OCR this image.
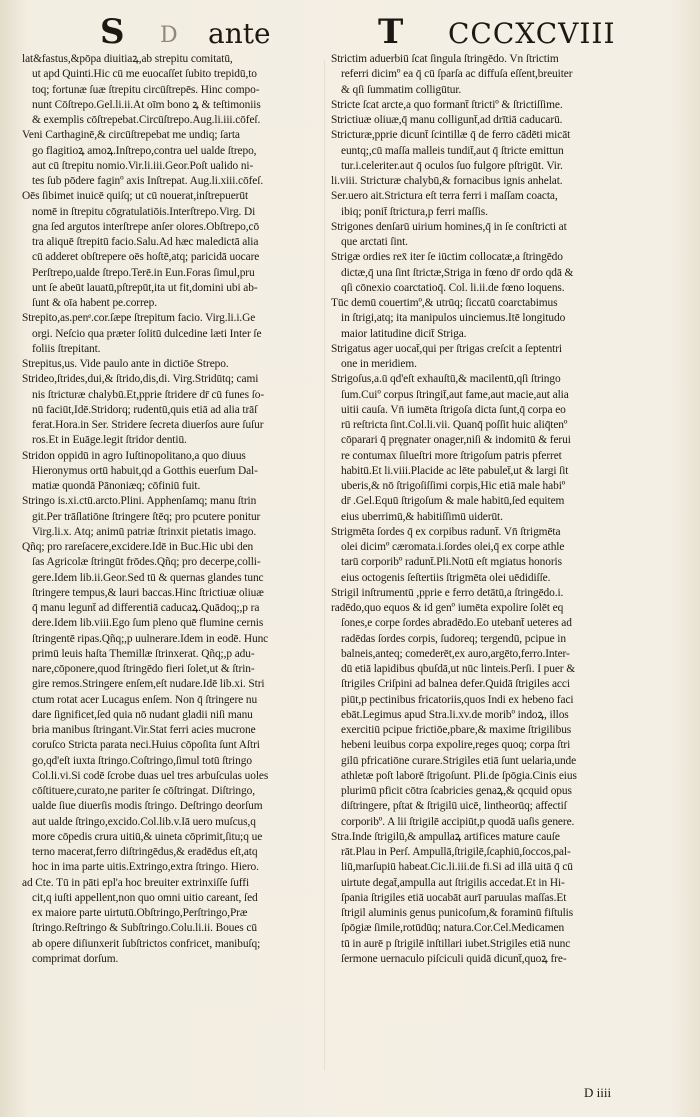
S D ante	T CCCXCVIII
lat&fastus,&pōpa diuitiaꝝ,ab strepitu comitatū,
ut apd Quinti.Hic cū me euocaſſet ſubito trepidū,to
toq; fortunæ ſuæ ſtrepitu circūſtrepēs. Hinc compo-
nunt Cōſtrepo.Gel.li.ii.At oīm bono ꝝ & teſtimoniis
& exemplis cōſtrepebat.Circūſtrepo.Aug.li.iii.cōfeſ.
Veni Carthaginē,& circūſtrepebat me undiq; ſarta
go flagitioꝝ amoꝝ.Inſtrepo,contra uel ualde ſtrepo,
aut cū ſtrepitu nomio.Vir.li.iii.Geor.Poſt ualido ni-
tes ſub pōdere faginº axis Inſtrepat. Aug.li.xiii.cōfeſ.
Oēs ſibimet inuicē quiſq; ut cū nouerat,inſtrepuerūt
nomē in ſtrepitu cōgratulatiōis.Interſtrepo.Virg. Di
gna ſed argutos interſtrepe anſer olores.Obſtrepo,cō
tra aliquē ſtrepitū facio.Salu.Ad hæc maledictā alia
cū adderet obſtrepere oēs hoſtē,atq; paricidā uocare
Perſtrepo,ualde ſtrepo.Terē.in Eun.Foras ſimul,pru
unt ſe abeūt lauatū,pſtrepūt,ita ut fit,domini ubi ab-
ſunt & oīa habent pe.correp.
Strepito,as.penᵉ.cor.ſæpe ſtrepitum facio. Virg.li.i.Ge
orgi. Neſcio qua præter ſolitū dulcedine læti Inter ſe
foliis ſtrepitant.
Strepitus,us. Vide paulo ante in dictiōe Strepo.
Strideo,ſtrides,dui,& ſtrido,dis,di. Virg.Stridūtq; cami
nis ſtricturæ chalybū.Et,pprie ſtridere dr̄ cū funes ſo-
nū faciūt,Idē.Stridorq; rudentū,quis etiā ad alia trāſ
ferat.Hora.in Ser. Stridere ſecreta diuerſos aure ſuſur
ros.Et in Euāge.legit ſtridor dentiū.
Stridon oppidū in agro Iuſtinopolitano,a quo diuus
Hieronymus ortū habuit,qd a Gotthis euerſum Dal-
matiæ quondā Pānoniæq; cōfiniū fuit.
Stringo is.xi.ctū.arcto.Plini. Apphenſamq; manu ſtrin
git.Per trāſlatiōne ſtringere ſtēq; pro pcutere ponitur
Virg.li.x. Atq; animū patriæ ſtrinxit pietatis imago.
Qñq; pro rareſacere,excidere.Idē in Buc.Hic ubi den
ſas Agricolæ ſtringūt frōdes.Qñq; pro decerpe,colli-
gere.Idem lib.ii.Geor.Sed tū & quernas glandes tunc
ſtringere tempus,& lauri baccas.Hinc ſtrictiuæ oliuæ
q̄ manu legunt̄ ad differentiā caducaꝝ.Quādoq;,p ra
dere.Idem lib.viii.Ego ſum pleno quē flumine cernis
ſtringentē ripas.Qñq;,p uulnerare.Idem in eodē. Hunc
primū leuis haſta Themillæ ſtrinxerat. Qñq;,p adu-
nare,cōponere,quod ſtringēdo fieri ſolet,ut & ſtrin-
gire remos.Stringere enſem,eſt nudare.Idē lib.xi. Stri
ctum rotat acer Lucagus enſem. Non q̄ ſtringere nu
dare ſignificet,ſed quia nō nudant gladii niſi manu
bria manibus ſtringant.Vir.Stat ferri acies mucrone
coruſco Stricta parata neci.Huius cōpoſita ſunt Aſtri
go,qd'eſt iuxta ſtringo.Coſtringo,ſimul totū ſtringo
Col.li.vi.Si codē ſcrobe duas uel tres arbuſculas uoles
cōſtituere,curato,ne pariter ſe cōſtringat. Diſtringo,
ualde ſiue diuerſis modis ſtringo. Deſtringo deorſum
aut ualde ſtringo,excido.Col.lib.v.Iā uero muſcus,q
more cōpedis crura uitiū,& uineta cōprimit,ſitu;q ue
terno macerat,ferro diſtringēdus,& eradēdus eſt,atq
hoc in ima parte uitis.Extringo,extra ſtringo. Hiero.
ad Cte. Tū in pāti epl'a hoc breuiter extrinxiſſe ſuffi
cit,q iuſti appellent,non quo omni uitio careant, ſed
ex maiore parte uirtutū.Obſtringo,Perſtringo,Præ
ſtringo.Reſtringo & Subſtringo.Colu.li.ii. Boues cū
ab opere diſiunxerit ſubſtrictos confricet, manibuſq;
comprimat dorſum.
Strictim aduerbiū ſcat ſingula ſtringēdo. Vn ſtrictim
referri dicimº ea q̄ cū ſparſa ac diffuſa eſſent,breuiter
& qſi ſummatim colligūtur.
Stricte ſcat arcte,a quo formant̄ ſtrictiº & ſtrictiſſime.
Strictiuæ oliuæ,q̄ manu colligunt̄,ad drītiā caducarū.
Stricturæ,pprie dicunt̄ ſcintillæ q̄ de ferro cādēti micāt
euntq;,cū maſſa malleis tundit̄,aut q̄ ſtricte emittun
tur.i.celeriter.aut q̄ oculos ſuo fulgore pſtrigūt. Vir.
li.viii. Stricturæ chalybū,& fornacibus ignis anhelat.
Ser.uero ait.Strictura eſt terra ferri i maſſam coacta,
ibiq; ponit̄ ſtrictura,p ferri maſſis.
Strigones denſarū uirium homines,q̄ in ſe conſtricti at
que arctati ſint.
Strigæ ordies rex̄ iter ſe iūctim collocatæ,a ſtringēdo
dictæ,q̄ una ſint ſtrictæ,Striga in fœno dr̄ ordo qdā &
qſi cōnexio coarctatioq̄. Col. li.ii.de fœno loquens.
Tūc demū couertimº,& utrūq; ſiccatū coarctabimus
in ſtrigi,atq; ita manipulos uinciemus.Itē longitudo
maior latitudine dicit̄ Striga.
Strigatus ager uocat̄,qui per ſtrigas creſcit a ſeptentri
one in meridiem.
Strigoſus,a.ū qd'eſt exhauſtū,& macilentū,qſi ſtringo
ſum.Cuiº corpus ſtringit̄,aut fame,aut macie,aut alia
uitii cauſa. Vn̄ iumēta ſtrigoſa dicta ſunt,q̄ corpa eo
rū reſtricta ſint.Col.li.vii. Quanq̄ poſſit huic aliq̄tenº
cōparari q̄ pręgnater onager,niſi & indomitū & ferui
re contumax ſilueſtri more ſtrigoſum patris pferret
habitū.Et li.viii.Placide ac lēte pabulet̄,ut & largi ſit
uberis,& nō ſtrigoſiſſimi corpis,Hic etiā male habiº
dr̄ .Gel.Equū ſtrigoſum & male habitū,ſed equitem
eius uberrimū,& habitiſſimū uiderūt.
Strigmēta ſordes q̄ ex corpibus radunt̄. Vn̄ ſtrigmēta
olei dicimº cæromata.i.ſordes olei,q̄ ex corpe athle
tarū corporibº radunt̄.Pli.Notū eſt mgiatus honoris
eius octogenis ſeſtertiis ſtrigmēta olei uēdidiſſe.
Strigil inſtrumentū ,pprie e ferro detātū,a ſtringēdo.i.
radēdo,quo equos & id genº iumēta expolire ſolēt eq
ſones,e corpe ſordes abradēdo.Eo utebant̄ ueteres ad
radēdas ſordes corpis, ſudoreq; tergendū, pcipue in
balneis,anteq; comederēt,ex auro,argēto,ferro.Inter-
dū etiā lapidibus qbuſdā,ut nūc linteis.Perſi. I puer &
ſtrigiles Criſpini ad balnea defer.Quidā ſtrigiles acci
piūt,p pectinibus fricatoriis,quos Indi ex hebeno faci
ebāt.Legimus apud Stra.li.xv.de moribº indoꝝ, illos
exercitiū pcipue frictiōe,pbare,& maxime ſtrigilibus
hebeni leuibus corpa expolire,reges quoq; corpa ſtri
gilū pfricatiōne curare.Strigiles etiā ſunt uelaria,unde
athletæ poſt laborē ſtrigoſunt. Pli.de ſpōgia.Cinis eius
plurimū pficit cōtra ſcabricies genaꝝ,& qcquid opus
diſtringere, pſtat & ſtrigilū uicē, lintheorūq; affectiſ
corporibº. A lii ſtrigilē accipiūt,p quodā uaſis genere.
Stra.Inde ſtrigilū,& ampullaꝝ artifices mature cauſe
rāt.Plau in Perſ. Ampullā,ſtrigilē,ſcaphiū,ſoccos,pal-
liū,marſupiū habeat.Cic.li.iii.de fi.Si ad illā uitā q̄ cū
uirtute degat̄,ampulla aut ſtrigilis accedat.Et in Hi-
ſpania ſtrigiles etiā uocabāt aurī paruulas maſſas.Et
ſtrigil aluminis genus punicoſum,& foraminū fiſtulis
ſpōgiæ ſimile,rotūdūq; natura.Cor.Cel.Medicamen
tū in aurē p ſtrigilē inſtillari iubet.Strigiles etiā nunc
ſermone uernaculo piſciculi quidā dicunt̄,quoꝝ fre-
D iiii
